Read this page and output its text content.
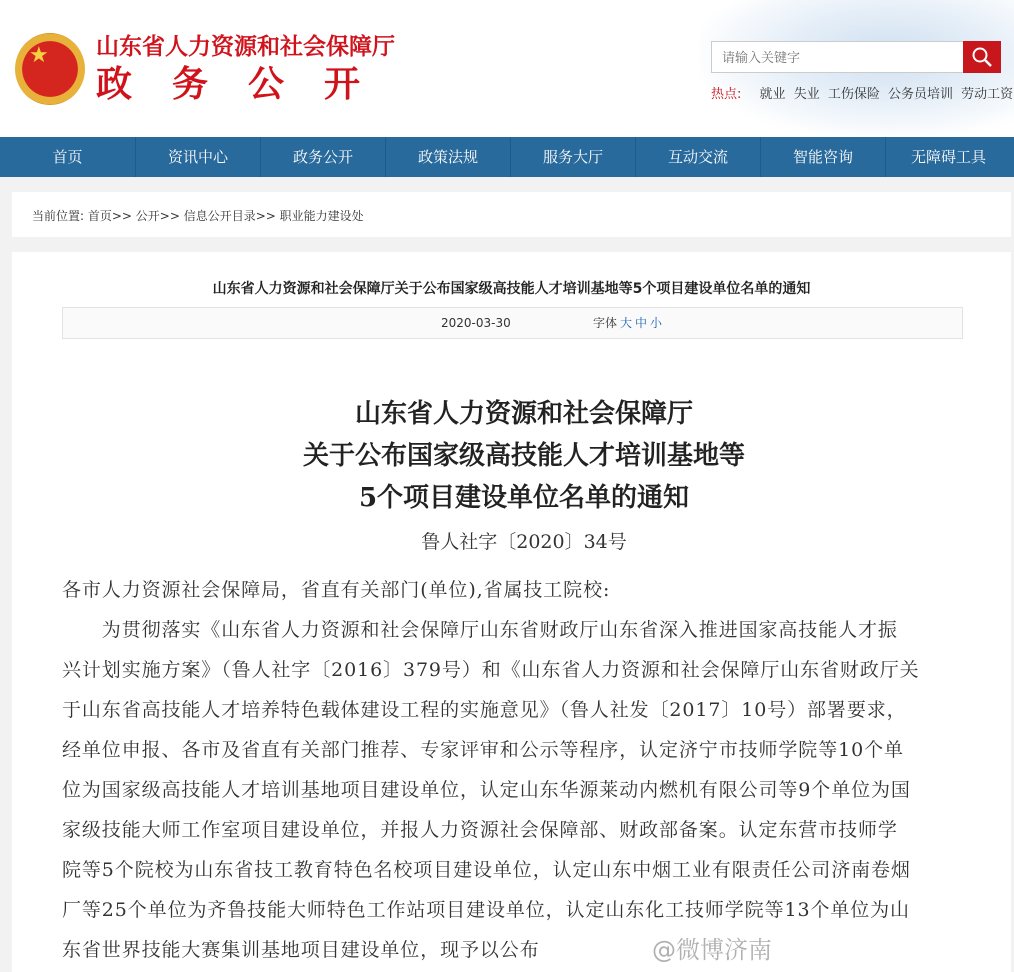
★ 山东省人力资源和社会保障厅
政务公开
请输入关键字	热点: 就业 失业 工伤保险 公务员培训 劳动工资
首页	资讯中心	政务公开	政策法规	服务大厅	互动交流	智能咨询	无障碍工具
当前位置: 首页>> 公开>> 信息公开目录>> 职业能力建设处
山东省人力资源和社会保障厅关于公布国家级高技能人才培训基地等5个项目建设单位名单的通知
2020-03-30	字体 大 中 小
山东省人力资源和社会保障厅
关于公布国家级高技能人才培训基地等
5个项目建设单位名单的通知
鲁人社字〔2020〕34号
各市人力资源社会保障局，省直有关部门(单位),省属技工院校:
　　为贯彻落实《山东省人力资源和社会保障厅山东省财政厅山东省深入推进国家高技能人才振
兴计划实施方案》（鲁人社字〔2016〕379号）和《山东省人力资源和社会保障厅山东省财政厅关
于山东省高技能人才培养特色载体建设工程的实施意见》（鲁人社发〔2017〕10号）部署要求，
经单位申报、各市及省直有关部门推荐、专家评审和公示等程序，认定济宁市技师学院等10个单
位为国家级高技能人才培训基地项目建设单位，认定山东华源莱动内燃机有限公司等9个单位为国
家级技能大师工作室项目建设单位，并报人力资源社会保障部、财政部备案。认定东营市技师学
院等5个院校为山东省技工教育特色名校项目建设单位，认定山东中烟工业有限责任公司济南卷烟
厂等25个单位为齐鲁技能大师特色工作站项目建设单位，认定山东化工技师学院等13个单位为山
东省世界技能大赛集训基地项目建设单位，现予以公布	@微博济南
